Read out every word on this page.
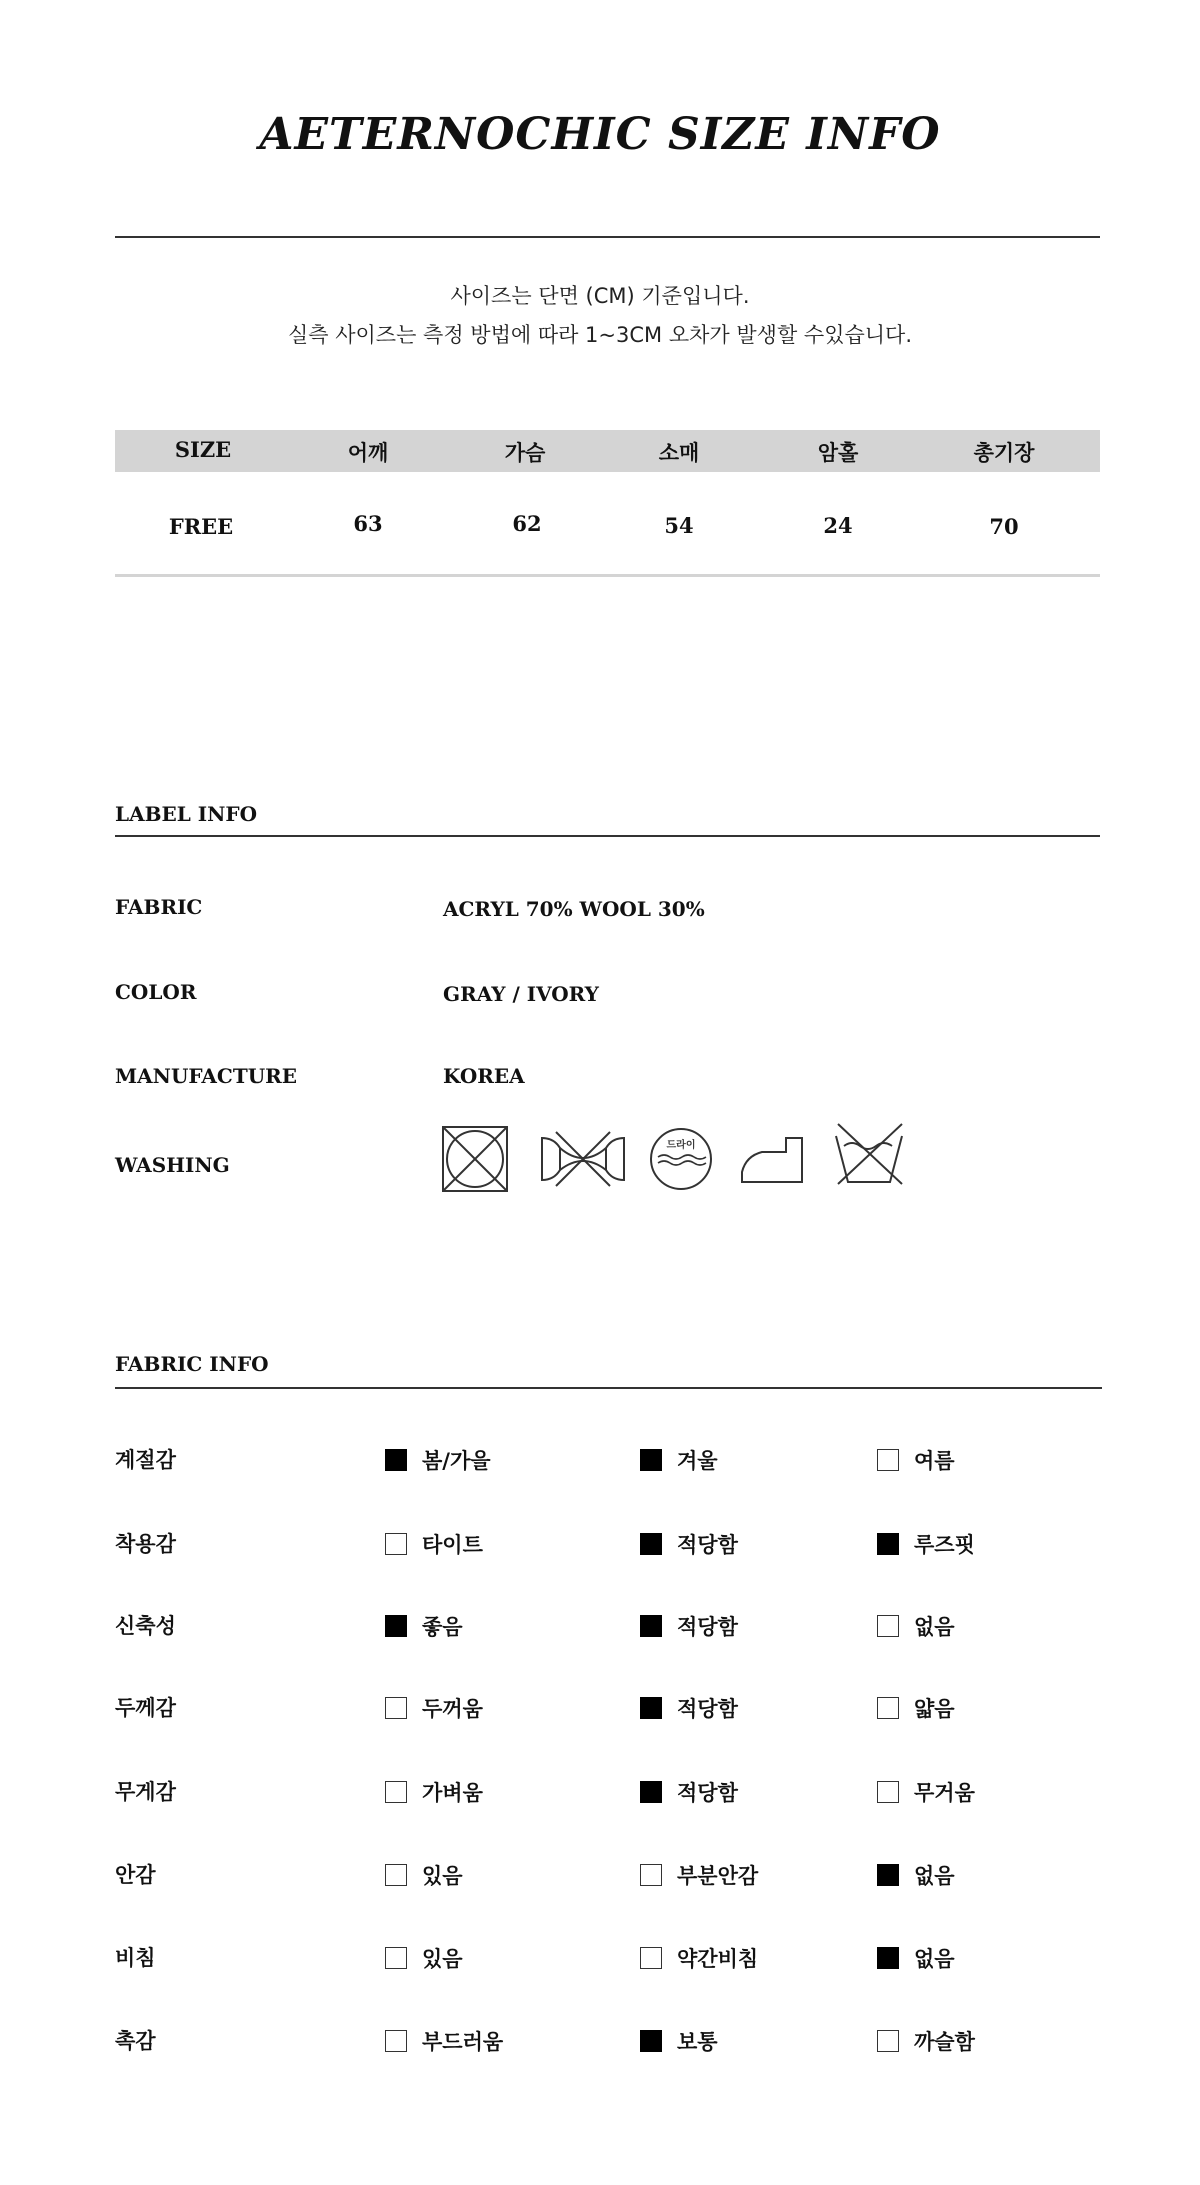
AETERNOCHIC SIZE INFO
사이즈는 단면 (CM) 기준입니다.
실측 사이즈는 측정 방법에 따라 1~3CM 오차가 발생할 수있습니다.
SIZE	어깨	가슴	소매	암홀	총기장
FREE	63	62	54	24	70
LABEL INFO
FABRIC	ACRYL 70% WOOL 30%
COLOR	GRAY / IVORY
MANUFACTURE	KOREA
WASHING
드라이
FABRIC INFO
계절감	봄/가을	겨울	여름
착용감	타이트	적당함	루즈핏
신축성	좋음	적당함	없음
두께감	두꺼움	적당함	얇음
무게감	가벼움	적당함	무거움
안감	있음	부분안감	없음
비침	있음	약간비침	없음
촉감	부드러움	보통	까슬함
